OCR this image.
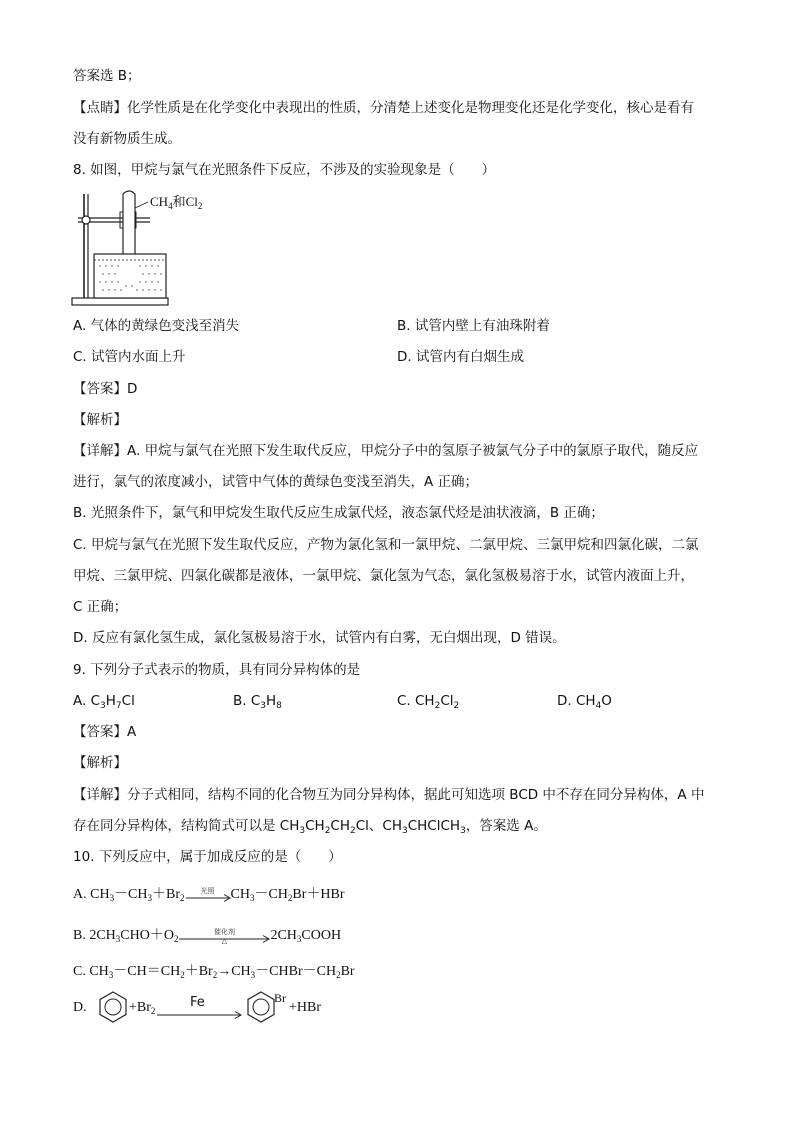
答案选 B；
【点睛】化学性质是在化学变化中表现出的性质，分清楚上述变化是物理变化还是化学变化，核心是看有
没有新物质生成。
8. 如图，甲烷与氯气在光照条件下反应，不涉及的实验现象是（　　）
$CH_4$和$Cl_2$
A. 气体的黄绿色变浅至消失	B. 试管内壁上有油珠附着
C. 试管内水面上升	D. 试管内有白烟生成
【答案】D
【解析】
【详解】A. 甲烷与氯气在光照下发生取代反应，甲烷分子中的氢原子被氯气分子中的氯原子取代，随反应
进行，氯气的浓度减小，试管中气体的黄绿色变浅至消失，A 正确；
B. 光照条件下，氯气和甲烷发生取代反应生成氯代烃，液态氯代烃是油状液滴，B 正确；
C. 甲烷与氯气在光照下发生取代反应，产物为氯化氢和一氯甲烷、二氯甲烷、三氯甲烷和四氯化碳，二氯
甲烷、三氯甲烷、四氯化碳都是液体，一氯甲烷、氯化氢为气态，氯化氢极易溶于水，试管内液面上升，
C 正确；
D. 反应有氯化氢生成，氯化氢极易溶于水，试管内有白雾，无白烟出现，D 错误。
9. 下列分子式表示的物质，具有同分异构体的是
A. $C_3H_7Cl$	B. $C_3H_8$	C. $CH_2Cl_2$	D. $CH_4O$
【答案】A
【解析】
【详解】分子式相同，结构不同的化合物互为同分异构体，据此可知选项 BCD 中不存在同分异构体，A 中
存在同分异构体，结构简式可以是 $CH_3CH_2CH_2Cl$、$CH_3CHClCH_3$，答案选 A。
10. 下列反应中，属于加成反应的是（　　）
A. $CH_3-CH_3+Br_2$
光照	$CH_3-CH_2Br+HBr$
B. $2CH_3CHO+O_2$
催化剂
△	$2CH_3COOH$
C. $CH_3-CH=CH_2+Br_2\to CH_3-CHBr-CH_2Br$
D.	$+Br_2$
Fe	Br
+HBr
